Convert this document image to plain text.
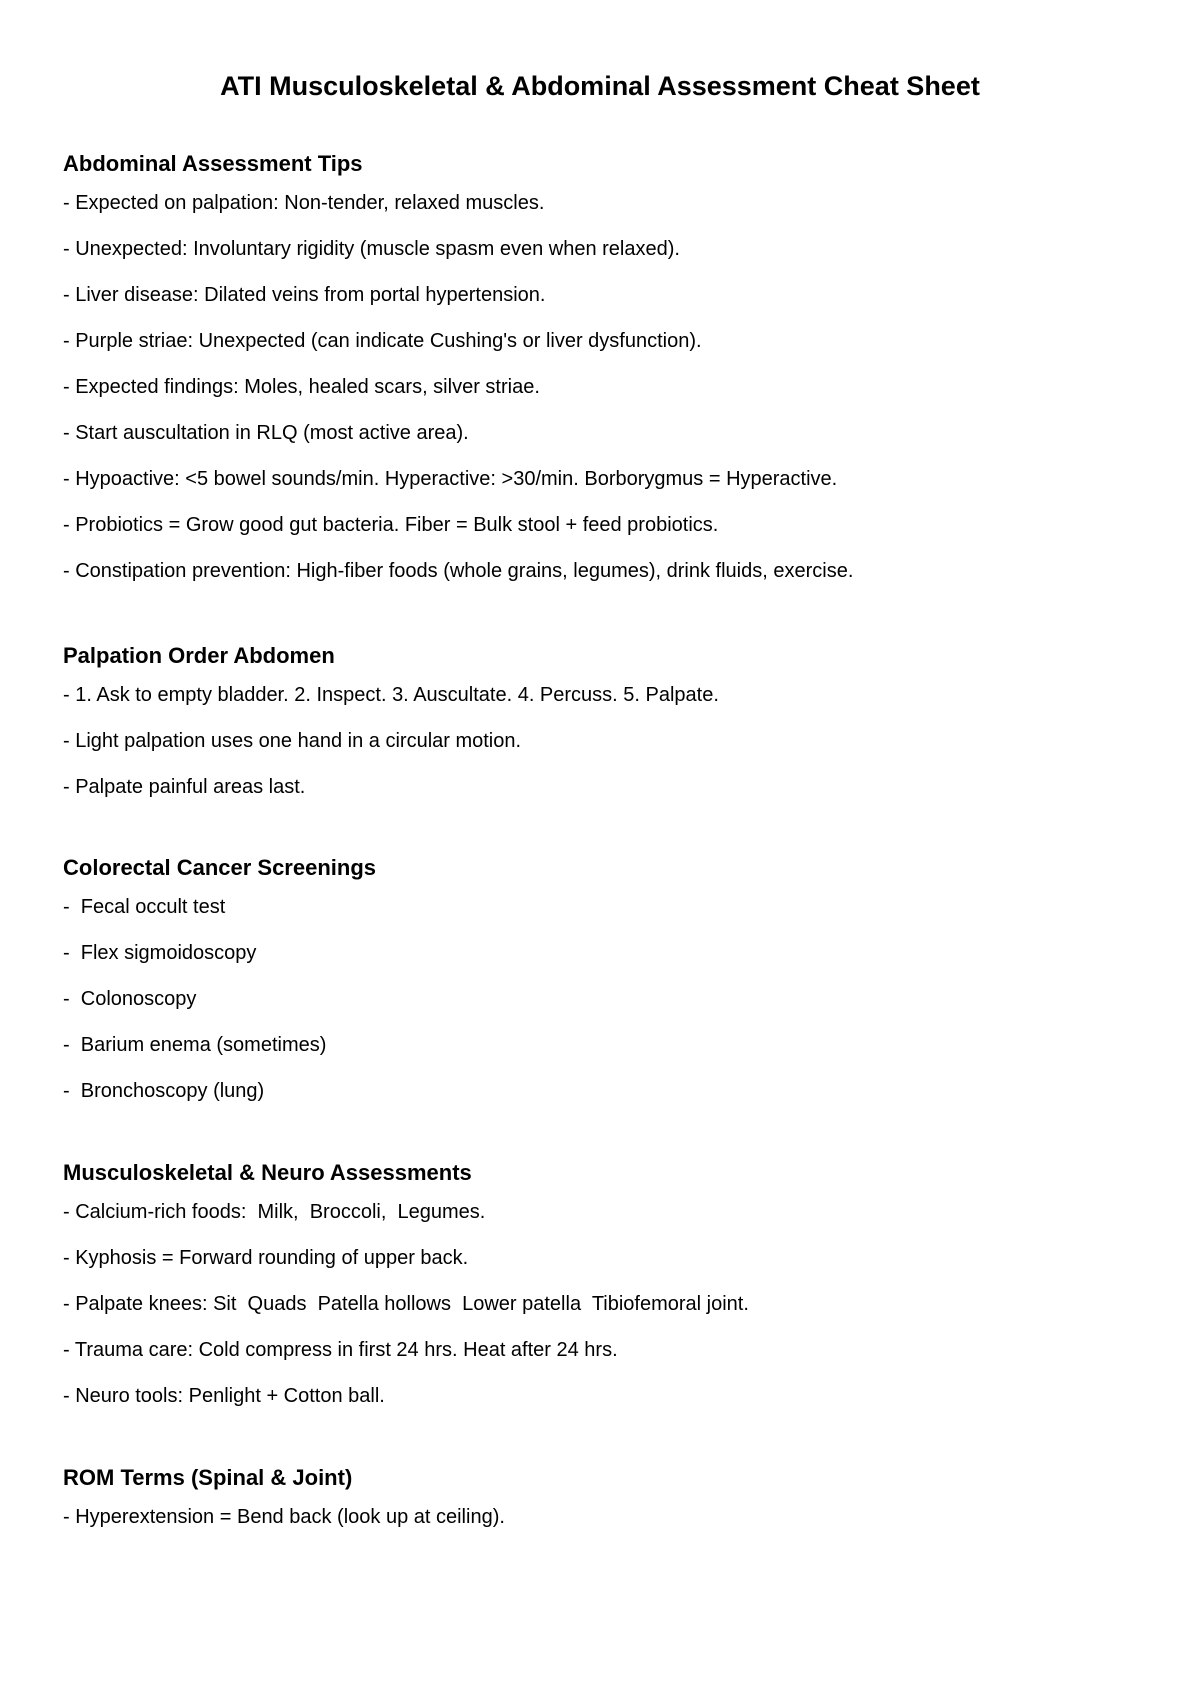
ATI Musculoskeletal & Abdominal Assessment Cheat Sheet
Abdominal Assessment Tips
- Expected on palpation: Non-tender, relaxed muscles.
- Unexpected: Involuntary rigidity (muscle spasm even when relaxed).
- Liver disease: Dilated veins from portal hypertension.
- Purple striae: Unexpected (can indicate Cushing's or liver dysfunction).
- Expected findings: Moles, healed scars, silver striae.
- Start auscultation in RLQ (most active area).
- Hypoactive: <5 bowel sounds/min. Hyperactive: >30/min. Borborygmus = Hyperactive.
- Probiotics = Grow good gut bacteria. Fiber = Bulk stool + feed probiotics.
- Constipation prevention: High-fiber foods (whole grains, legumes), drink fluids, exercise.
Palpation Order Abdomen
- 1. Ask to empty bladder. 2. Inspect. 3. Auscultate. 4. Percuss. 5. Palpate.
- Light palpation uses one hand in a circular motion.
- Palpate painful areas last.
Colorectal Cancer Screenings
-  Fecal occult test
-  Flex sigmoidoscopy
-  Colonoscopy
-  Barium enema (sometimes)
-  Bronchoscopy (lung)
Musculoskeletal & Neuro Assessments
- Calcium-rich foods:  Milk,  Broccoli,  Legumes.
- Kyphosis = Forward rounding of upper back.
- Palpate knees: Sit  Quads  Patella hollows  Lower patella  Tibiofemoral joint.
- Trauma care: Cold compress in first 24 hrs. Heat after 24 hrs.
- Neuro tools: Penlight + Cotton ball.
ROM Terms (Spinal & Joint)
- Hyperextension = Bend back (look up at ceiling).
